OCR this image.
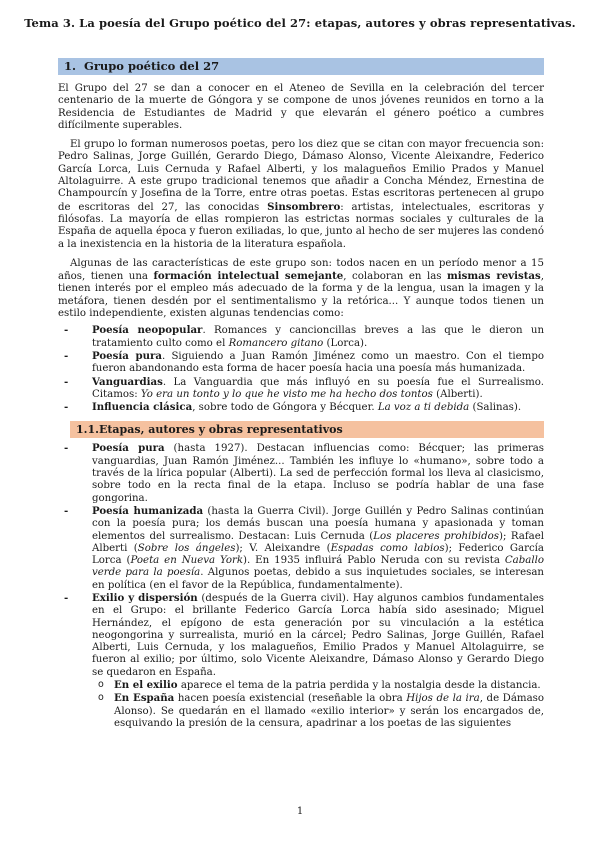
Tema 3. La poesía del Grupo poético del 27: etapas, autores y obras representativas.
1. Grupo poético del 27

El Grupo del 27 se dan a conocer en el Ateneo de Sevilla en la celebración del tercer centenario de la muerte de Góngora y se compone de unos jóvenes reunidos en torno a la Residencia de Estudiantes de Madrid y que elevarán el género poético a cumbres difícilmente superables.

El grupo lo forman numerosos poetas, pero los diez que se citan con mayor frecuencia son: Pedro Salinas, Jorge Guillén, Gerardo Diego, Dámaso Alonso, Vicente Aleixandre, Federico García Lorca, Luis Cernuda y Rafael Alberti, y los malagueños Emilio Prados y Manuel Altolaguirre. A este grupo tradicional tenemos que añadir a Concha Méndez, Ernestina de Champourcín y Josefina de la Torre, entre otras poetas. Estas escritoras pertenecen al grupo de escritoras del 27, las conocidas Sinsombrero: artistas, intelectuales, escritoras y filósofas. La mayoría de ellas rompieron las estrictas normas sociales y culturales de la España de aquella época y fueron exiliadas, lo que, junto al hecho de ser mujeres las condenó a la inexistencia en la historia de la literatura española.

Algunas de las características de este grupo son: todos nacen en un período menor a 15 años, tienen una formación intelectual semejante, colaboran en las mismas revistas, tienen interés por el empleo más adecuado de la forma y de la lengua, usan la imagen y la metáfora, tienen desdén por el sentimentalismo y la retórica... Y aunque todos tienen un estilo independiente, existen algunas tendencias como:

- Poesía neopopular. Romances y cancioncillas breves a las que le dieron un tratamiento culto como el Romancero gitano (Lorca).
- Poesía pura. Siguiendo a Juan Ramón Jiménez como un maestro. Con el tiempo fueron abandonando esta forma de hacer poesía hacia una poesía más humanizada.
- Vanguardias. La Vanguardia que más influyó en su poesía fue el Surrealismo. Citamos: Yo era un tonto y lo que he visto me ha hecho dos tontos (Alberti).
- Influencia clásica, sobre todo de Góngora y Bécquer. La voz a ti debida (Salinas).
1.1.Etapas, autores y obras representativos
- Poesía pura (hasta 1927). Destacan influencias como: Bécquer; las primeras vanguardias, Juan Ramón Jiménez... También les influye lo «humano», sobre todo a través de la lírica popular (Alberti). La sed de perfección formal los lleva al clasicismo, sobre todo en la recta final de la etapa. Incluso se podría hablar de una fase gongorina.
- Poesía humanizada (hasta la Guerra Civil). Jorge Guillén y Pedro Salinas continúan con la poesía pura; los demás buscan una poesía humana y apasionada y toman elementos del surrealismo. Destacan: Luis Cernuda (Los placeres prohibidos); Rafael Alberti (Sobre los ángeles); V. Aleixandre (Espadas como labios); Federico García Lorca (Poeta en Nueva York). En 1935 influirá Pablo Neruda con su revista Caballo verde para la poesía. Algunos poetas, debido a sus inquietudes sociales, se interesan en política (en el favor de la República, fundamentalmente).
- Exilio y dispersión (después de la Guerra civil). Hay algunos cambios fundamentales en el Grupo: el brillante Federico García Lorca había sido asesinado; Miguel Hernández, el epígono de esta generación por su vinculación a la estética neogongorina y surrealista, murió en la cárcel; Pedro Salinas, Jorge Guillén, Rafael Alberti, Luis Cernuda, y los malagueños, Emilio Prados y Manuel Altolaguirre, se fueron al exilio; por último, solo Vicente Aleixandre, Dámaso Alonso y Gerardo Diego se quedaron en España.
o En el exilio aparece el tema de la patria perdida y la nostalgia desde la distancia.
o En España hacen poesía existencial (reseñable la obra Hijos de la ira, de Dámaso Alonso). Se quedarán en el llamado «exilio interior» y serán los encargados de, esquivando la presión de la censura, apadrinar a los poetas de las siguientes
1
